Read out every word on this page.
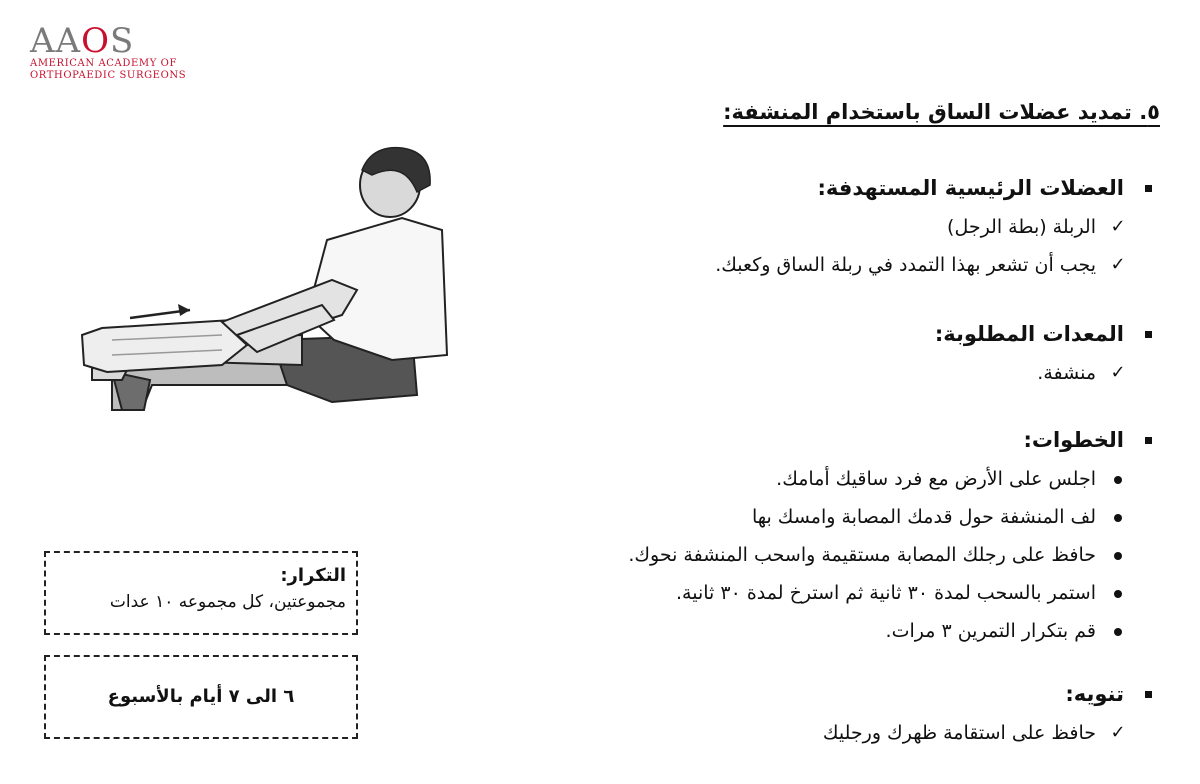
AAOS
AMERICAN ACADEMY OF
ORTHOPAEDIC SURGEONS
٥. تمديد عضلات الساق باستخدام المنشفة:
العضلات الرئيسية المستهدفة:
✓
الربلة (بطة الرجل)
✓
يجب أن تشعر بهذا التمدد في ربلة الساق وكعبك.
المعدات المطلوبة:
✓
منشفة.
الخطوات:
اجلس على الأرض مع فرد ساقيك أمامك.
لف المنشفة حول قدمك المصابة وامسك بها
حافظ على رجلك المصابة مستقيمة واسحب المنشفة نحوك.
استمر بالسحب لمدة ٣٠ ثانية ثم استرخ لمدة ٣٠ ثانية.
قم بتكرار التمرين ٣ مرات.
تنويه:
✓
حافظ على استقامة ظهرك ورجليك
التكرار:
مجموعتين، كل مجموعه ١٠ عدات
٦ الى ٧ أيام بالأسبوع
